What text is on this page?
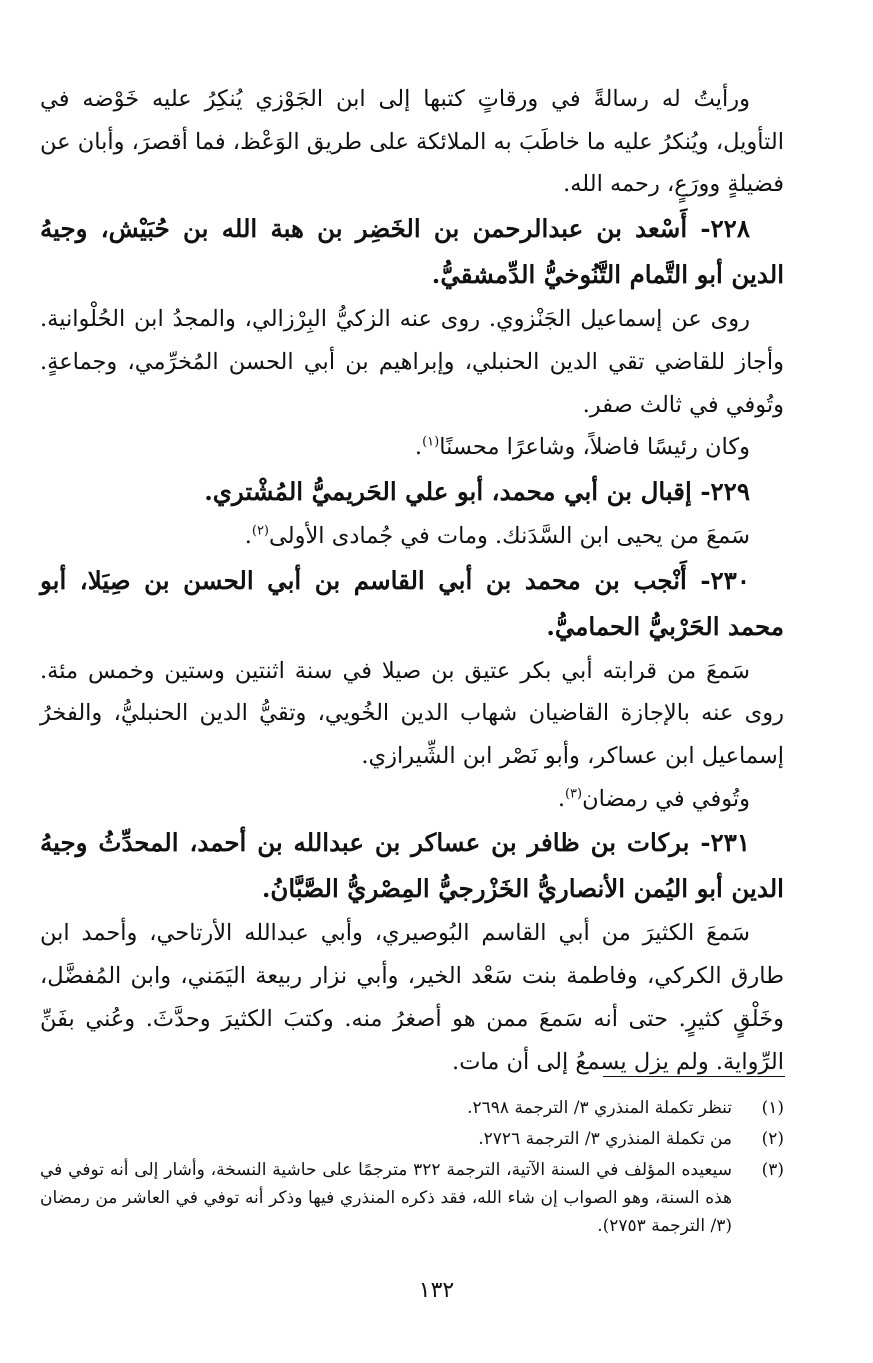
ورأيتُ له رسالةً في ورقاتٍ كتبها إلى ابن الجَوْزي يُنكِرُ عليه خَوْضه في التأويل، ويُنكرُ عليه ما خاطَبَ به الملائكة على طريق الوَعْظ، فما أقصرَ، وأبان عن فضيلةٍ وورَعٍ، رحمه الله.

٢٢٨- أَسْعد بن عبدالرحمن بن الخَضِر بن هبة الله بن حُبَيْش، وجيهُ الدين أبو التَّمام التَّنُوخيُّ الدِّمشقيُّ.

روى عن إسماعيل الجَنْزوي. روى عنه الزكيُّ البِرْزالي، والمجدُ ابن الحُلْوانية. وأجاز للقاضي تقي الدين الحنبلي، وإبراهيم بن أبي الحسن المُخرِّمي، وجماعةٍ. وتُوفي في ثالث صفر.

وكان رئيسًا فاضلاً، وشاعرًا محسنًا$^{(١)}$.

٢٢٩- إقبال بن أبي محمد، أبو علي الحَريميُّ المُشْتري.

سَمعَ من يحيى ابن السَّدَنك. ومات في جُمادى الأولى$^{(٢)}$.

٢٣٠- أَنْجب بن محمد بن أبي القاسم بن أبي الحسن بن صِيَلا، أبو محمد الحَرْبيُّ الحماميُّ.

سَمعَ من قرابته أبي بكر عتيق بن صيلا في سنة اثنتين وستين وخمس مئة. روى عنه بالإجازة القاضيان شهاب الدين الخُويي، وتقيُّ الدين الحنبليُّ، والفخرُ إسماعيل ابن عساكر، وأبو نَصْر ابن الشِّيرازي.

وتُوفي في رمضان$^{(٣)}$.

٢٣١- بركات بن ظافر بن عساكر بن عبدالله بن أحمد، المحدِّثُ وجيهُ الدين أبو اليُمن الأنصاريُّ الخَزْرجيُّ المِصْريُّ الصَّبَّانُ.

سَمعَ الكثيرَ من أبي القاسم البُوصيري، وأبي عبدالله الأرتاحي، وأحمد ابن طارق الكركي، وفاطمة بنت سَعْد الخير، وأبي نزار ربيعة اليَمَني، وابن المُفضَّل، وخَلْقٍ كثيرٍ. حتى أنه سَمعَ ممن هو أصغرُ منه. وكتبَ الكثيرَ وحدَّثَ. وعُني بفَنِّ الرِّواية. ولم يزل يسمعُ إلى أن مات.

(١)
تنظر تكملة المنذري ٣/ الترجمة ٢٦٩٨.
(٢)
من تكملة المنذري ٣/ الترجمة ٢٧٢٦.
(٣)
سيعيده المؤلف في السنة الآتية، الترجمة ٣٢٢ مترجمًا على حاشية النسخة، وأشار إلى أنه توفي في هذه السنة، وهو الصواب إن شاء الله، فقد ذكره المنذري فيها وذكر أنه توفي في العاشر من رمضان (٣/ الترجمة ٢٧٥٣).
١٣٢
